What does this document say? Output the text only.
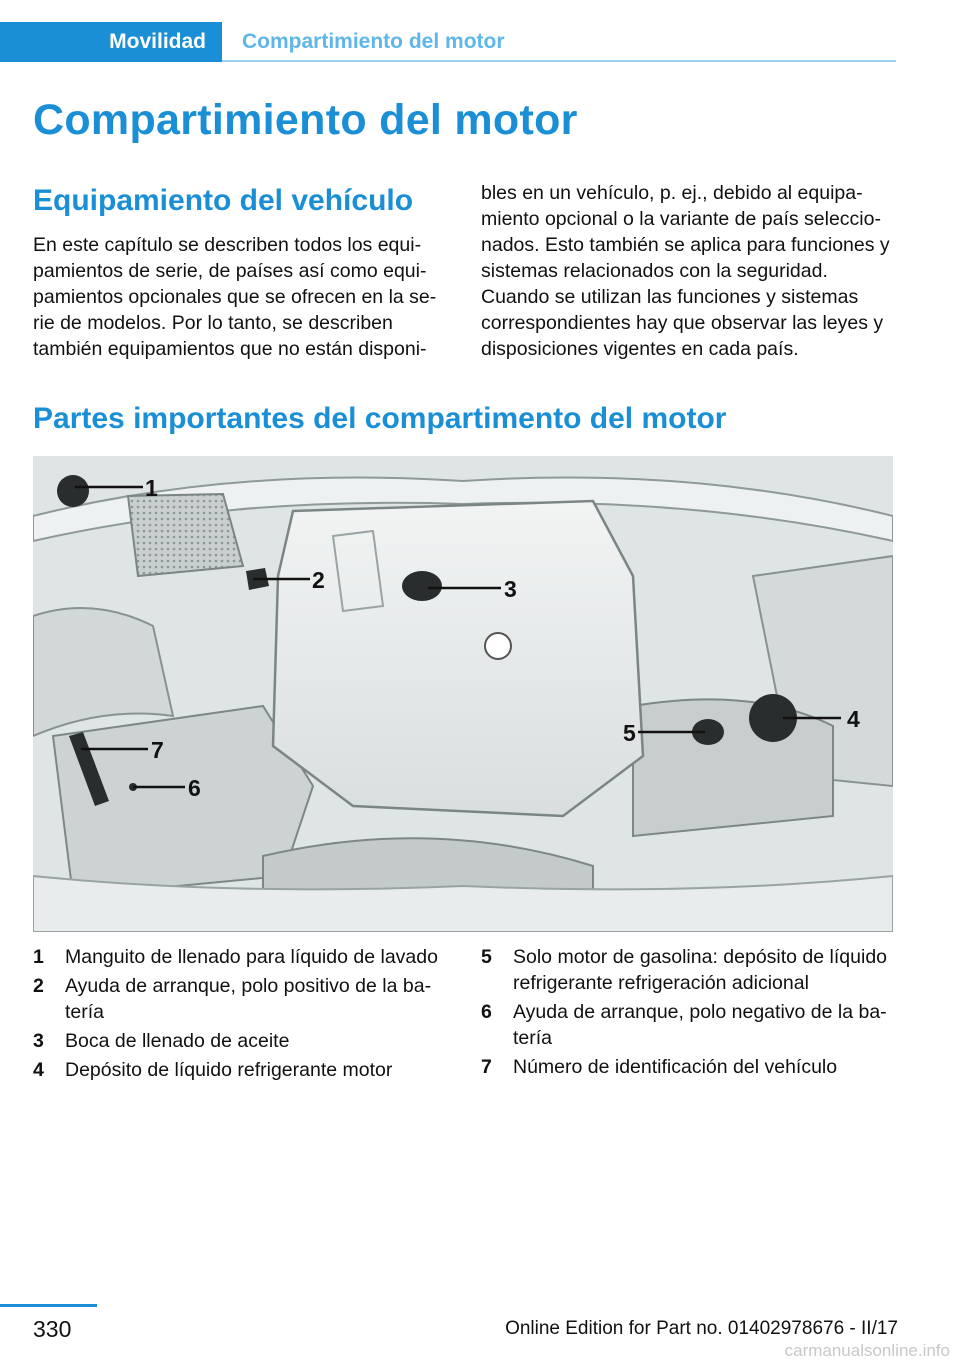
Movilidad	Compartimiento del motor
Compartimiento del motor
Equipamiento del vehículo

En este capítulo se describen todos los equi-

pamientos de serie, de países así como equi-

pamientos opcionales que se ofrecen en la se-

rie de modelos. Por lo tanto, se describen

también equipamientos que no están disponi-

bles en un vehículo, p. ej., debido al equipa-

miento opcional o la variante de país seleccio-

nados. Esto también se aplica para funciones y

sistemas relacionados con la seguridad.

Cuando se utilizan las funciones y sistemas

correspondientes hay que observar las leyes y

disposiciones vigentes en cada país.

Partes importantes del compartimento del motor
1
2	3
4
5
6
7
1	Manguito de llenado para líquido de lavado
2	Ayuda de arranque, polo positivo de la ba-
tería
3	Boca de llenado de aceite
4	Depósito de líquido refrigerante motor
5	Solo motor de gasolina: depósito de líquido
refrigerante refrigeración adicional
6	Ayuda de arranque, polo negativo de la ba-
tería
7	Número de identificación del vehículo
330	Online Edition for Part no. 01402978676 - II/17
carmanualsonline.info
